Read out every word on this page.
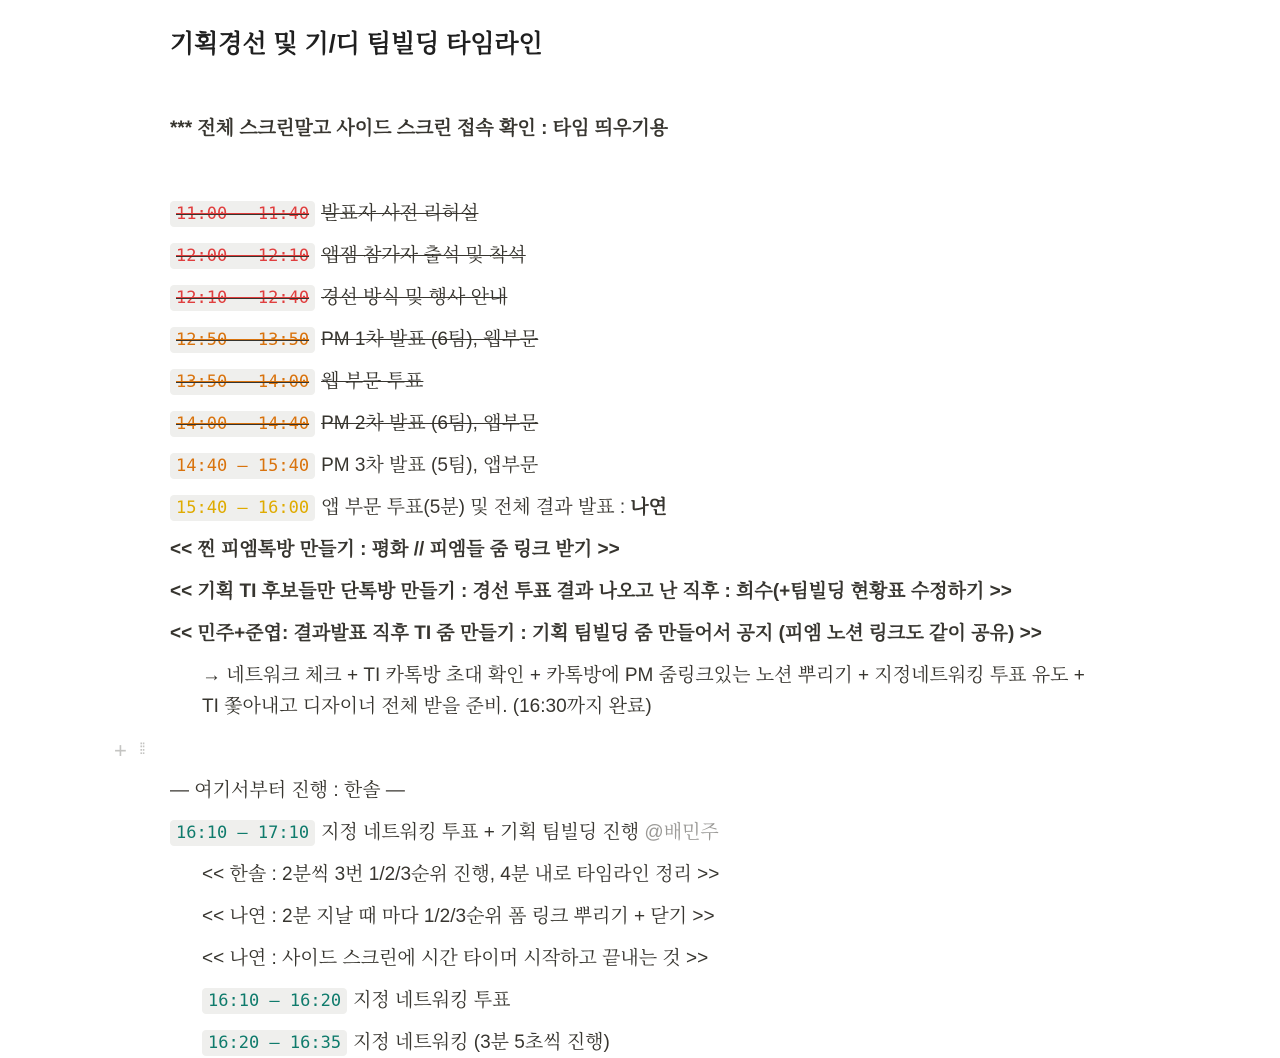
+ ⁞⁞
기획경선 및 기/디 팀빌딩 타임라인
*** 전체 스크린말고 사이드 스크린 접속 확인 : 타임 띄우기용
11:00 – 11:40 발표자 사전 리허설
12:00 – 12:10 앱잼 참가자 출석 및 착석
12:10 – 12:40 경선 방식 및 행사 안내
12:50 – 13:50 PM 1차 발표 (6팀), 웹부문
13:50 – 14:00 웹 부문 투표
14:00 – 14:40 PM 2차 발표 (6팀), 앱부문
14:40 – 15:40 PM 3차 발표 (5팀), 앱부문
15:40 – 16:00 앱 부문 투표(5분) 및 전체 결과 발표 : 나연
<< 찐 피엠톡방 만들기 : 평화 // 피엠들 줌 링크 받기 >>
<< 기획 TI 후보들만 단톡방 만들기 : 경선 투표 결과 나오고 난 직후 : 희수(+팀빌딩 현황표 수정하기 >>
<< 민주+준엽: 결과발표 직후 TI 줌 만들기 : 기획 팀빌딩 줌 만들어서 공지 (피엠 노션 링크도 같이 공유) >>
→ 네트워크 체크 + TI 카톡방 초대 확인 + 카톡방에 PM 줌링크있는 노션 뿌리기 + 지정네트워킹 투표 유도 +
TI 쫓아내고 디자이너 전체 받을 준비. (16:30까지 완료)
— 여기서부터 진행 : 한솔 —
16:10 – 17:10 지정 네트워킹 투표 + 기획 팀빌딩 진행 @배민주
<< 한솔 : 2분씩 3번 1/2/3순위 진행, 4분 내로 타임라인 정리 >>
<< 나연 : 2분 지날 때 마다 1/2/3순위 폼 링크 뿌리기 + 닫기 >>
<< 나연 : 사이드 스크린에 시간 타이머 시작하고 끝내는 것 >>
16:10 – 16:20 지정 네트워킹 투표
16:20 – 16:35 지정 네트워킹 (3분 5초씩 진행)
